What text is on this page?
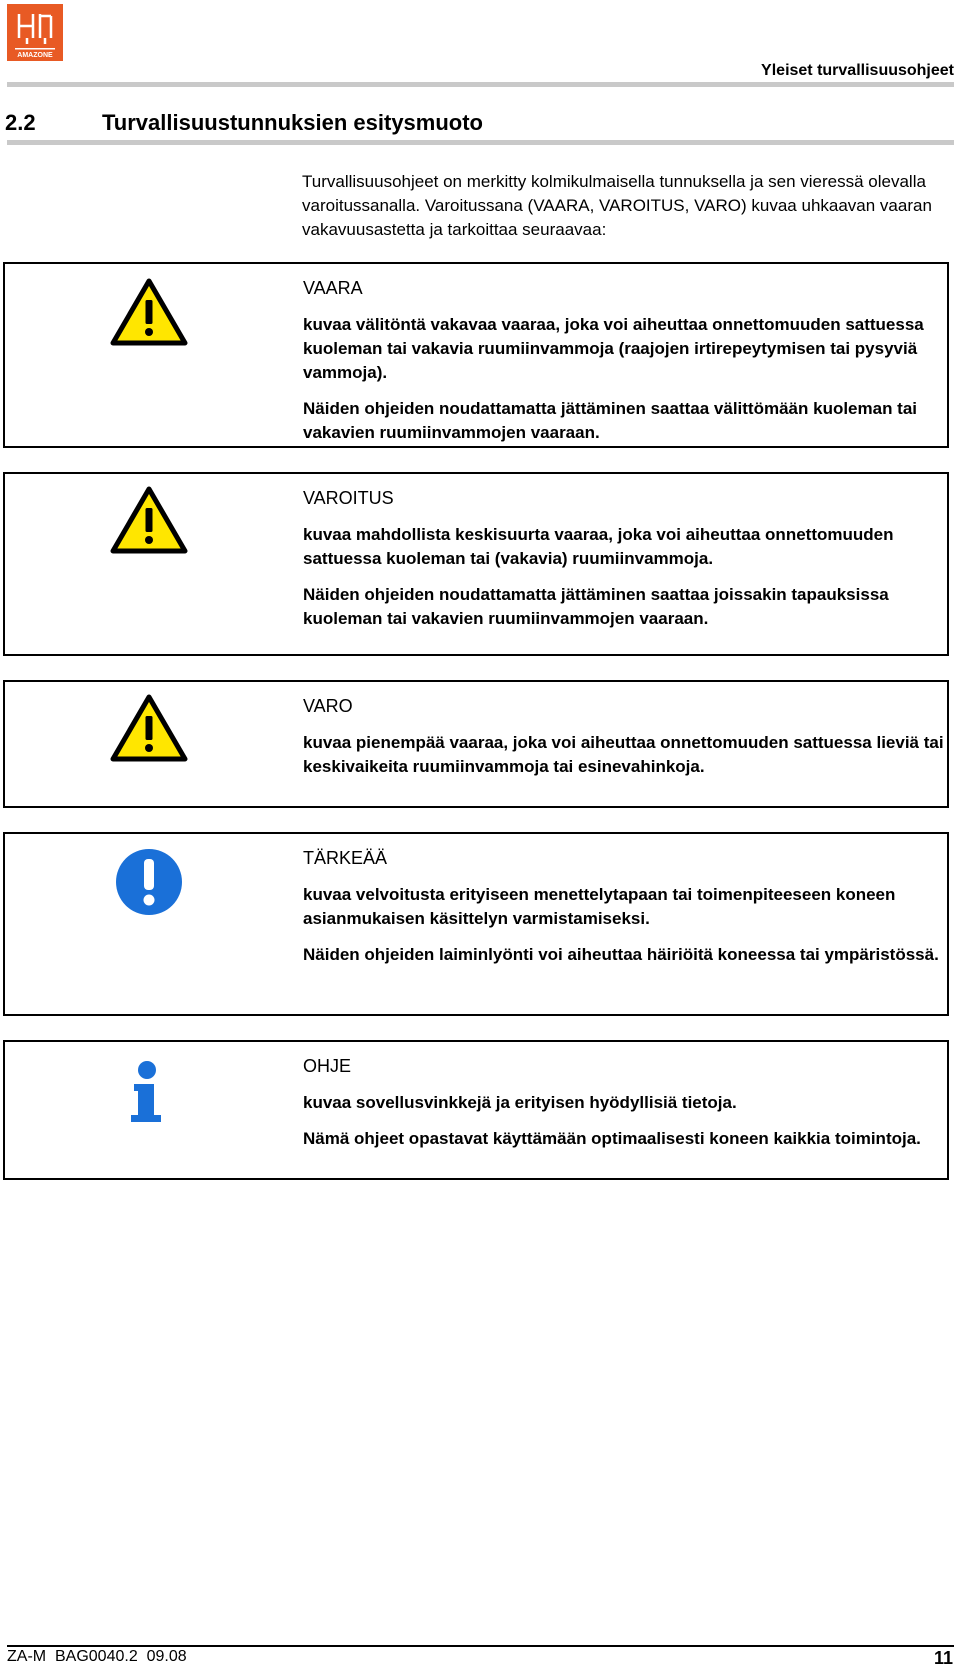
AMAZONE
Yleiset turvallisuusohjeet
2.2	Turvallisuustunnuksien esitysmuoto
Turvallisuusohjeet on merkitty kolmikulmaisella tunnuksella ja sen vieressä olevalla varoitussanalla. Varoitussana (VAARA, VAROITUS, VARO) kuvaa uhkaavan vaaran vakavuusastetta ja tarkoittaa seuraavaa:

VAARA

kuvaa välitöntä vakavaa vaaraa, joka voi aiheuttaa onnettomuuden sattuessa kuoleman tai vakavia ruumiinvammoja (raajojen irtirepeytymisen tai pysyviä vammoja).

Näiden ohjeiden noudattamatta jättäminen saattaa välittömään kuoleman tai vakavien ruumiinvammojen vaaraan.

VAROITUS

kuvaa mahdollista keskisuurta vaaraa, joka voi aiheuttaa onnettomuuden sattuessa kuoleman tai (vakavia) ruumiinvammoja.

Näiden ohjeiden noudattamatta jättäminen saattaa joissakin tapauksissa kuoleman tai vakavien ruumiinvammojen vaaraan.

VARO

kuvaa pienempää vaaraa, joka voi aiheuttaa onnettomuuden sattuessa lieviä tai keskivaikeita ruumiinvammoja tai esinevahinkoja.

TÄRKEÄÄ

kuvaa velvoitusta erityiseen menettelytapaan tai toimenpiteeseen koneen asianmukaisen käsittelyn varmistamiseksi.

Näiden ohjeiden laiminlyönti voi aiheuttaa häiriöitä koneessa tai ympäristössä.

OHJE

kuvaa sovellusvinkkejä ja erityisen hyödyllisiä tietoja.

Nämä ohjeet opastavat käyttämään optimaalisesti koneen kaikkia toimintoja.

ZA-M  BAG0040.2  09.08	11
